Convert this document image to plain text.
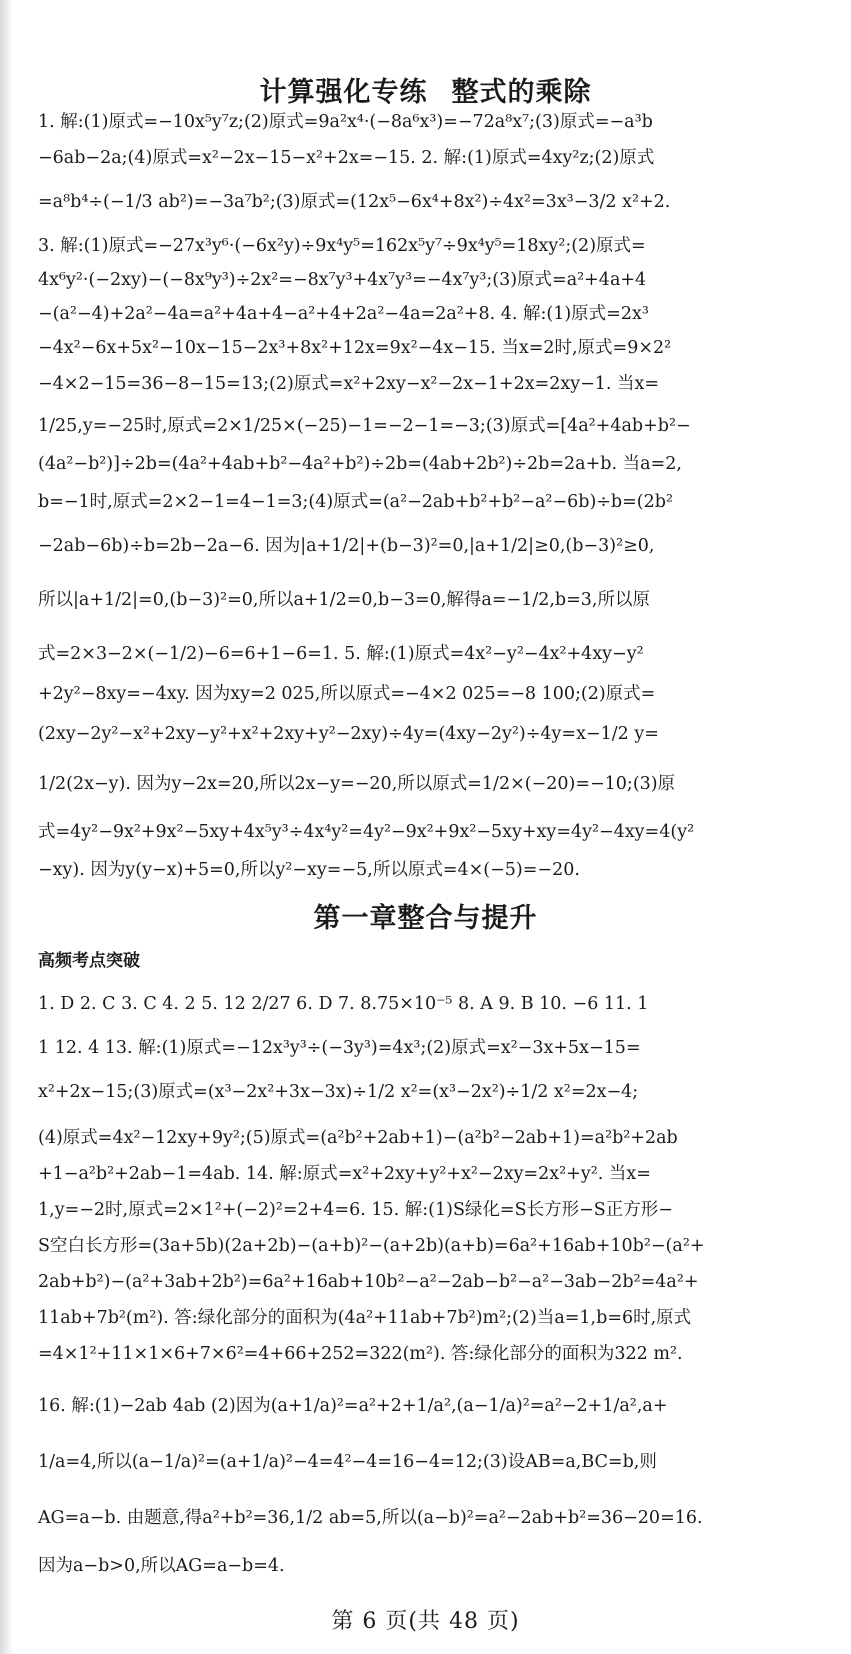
计算强化专练 整式的乘除
1. 解:(1)原式=−10x⁵y⁷z;(2)原式=9a²x⁴·(−8a⁶x³)=−72a⁸x⁷;(3)原式=−a³b
−6ab−2a;(4)原式=x²−2x−15−x²+2x=−15. 2. 解:(1)原式=4xy²z;(2)原式
=a⁸b⁴÷(−1/3 ab²)=−3a⁷b²;(3)原式=(12x⁵−6x⁴+8x²)÷4x²=3x³−3/2 x²+2.
3. 解:(1)原式=−27x³y⁶·(−6x²y)÷9x⁴y⁵=162x⁵y⁷÷9x⁴y⁵=18xy²;(2)原式=
4x⁶y²·(−2xy)−(−8x⁹y³)÷2x²=−8x⁷y³+4x⁷y³=−4x⁷y³;(3)原式=a²+4a+4
−(a²−4)+2a²−4a=a²+4a+4−a²+4+2a²−4a=2a²+8. 4. 解:(1)原式=2x³
−4x²−6x+5x²−10x−15−2x³+8x²+12x=9x²−4x−15. 当x=2时,原式=9×2²
−4×2−15=36−8−15=13;(2)原式=x²+2xy−x²−2x−1+2x=2xy−1. 当x=
1/25,y=−25时,原式=2×1/25×(−25)−1=−2−1=−3;(3)原式=[4a²+4ab+b²−
(4a²−b²)]÷2b=(4a²+4ab+b²−4a²+b²)÷2b=(4ab+2b²)÷2b=2a+b. 当a=2,
b=−1时,原式=2×2−1=4−1=3;(4)原式=(a²−2ab+b²+b²−a²−6b)÷b=(2b²
−2ab−6b)÷b=2b−2a−6. 因为|a+1/2|+(b−3)²=0,|a+1/2|≥0,(b−3)²≥0,
所以|a+1/2|=0,(b−3)²=0,所以a+1/2=0,b−3=0,解得a=−1/2,b=3,所以原
式=2×3−2×(−1/2)−6=6+1−6=1. 5. 解:(1)原式=4x²−y²−4x²+4xy−y²
+2y²−8xy=−4xy. 因为xy=2 025,所以原式=−4×2 025=−8 100;(2)原式=
(2xy−2y²−x²+2xy−y²+x²+2xy+y²−2xy)÷4y=(4xy−2y²)÷4y=x−1/2 y=
1/2(2x−y). 因为y−2x=20,所以2x−y=−20,所以原式=1/2×(−20)=−10;(3)原
式=4y²−9x²+9x²−5xy+4x⁵y³÷4x⁴y²=4y²−9x²+9x²−5xy+xy=4y²−4xy=4(y²
−xy). 因为y(y−x)+5=0,所以y²−xy=−5,所以原式=4×(−5)=−20.
第一章整合与提升
高频考点突破
1. D 2. C 3. C 4. 2 5. 12 2/27 6. D 7. 8.75×10⁻⁵ 8. A 9. B 10. −6 11. 1
1 12. 4 13. 解:(1)原式=−12x³y³÷(−3y³)=4x³;(2)原式=x²−3x+5x−15=
x²+2x−15;(3)原式=(x³−2x²+3x−3x)÷1/2 x²=(x³−2x²)÷1/2 x²=2x−4;
(4)原式=4x²−12xy+9y²;(5)原式=(a²b²+2ab+1)−(a²b²−2ab+1)=a²b²+2ab
+1−a²b²+2ab−1=4ab. 14. 解:原式=x²+2xy+y²+x²−2xy=2x²+y². 当x=
1,y=−2时,原式=2×1²+(−2)²=2+4=6. 15. 解:(1)S绿化=S长方形−S正方形−
S空白长方形=(3a+5b)(2a+2b)−(a+b)²−(a+2b)(a+b)=6a²+16ab+10b²−(a²+
2ab+b²)−(a²+3ab+2b²)=6a²+16ab+10b²−a²−2ab−b²−a²−3ab−2b²=4a²+
11ab+7b²(m²). 答:绿化部分的面积为(4a²+11ab+7b²)m²;(2)当a=1,b=6时,原式
=4×1²+11×1×6+7×6²=4+66+252=322(m²). 答:绿化部分的面积为322 m².
16. 解:(1)−2ab 4ab (2)因为(a+1/a)²=a²+2+1/a²,(a−1/a)²=a²−2+1/a²,a+
1/a=4,所以(a−1/a)²=(a+1/a)²−4=4²−4=16−4=12;(3)设AB=a,BC=b,则
AG=a−b. 由题意,得a²+b²=36,1/2 ab=5,所以(a−b)²=a²−2ab+b²=36−20=16.
因为a−b>0,所以AG=a−b=4.

第 6 页(共 48 页)
